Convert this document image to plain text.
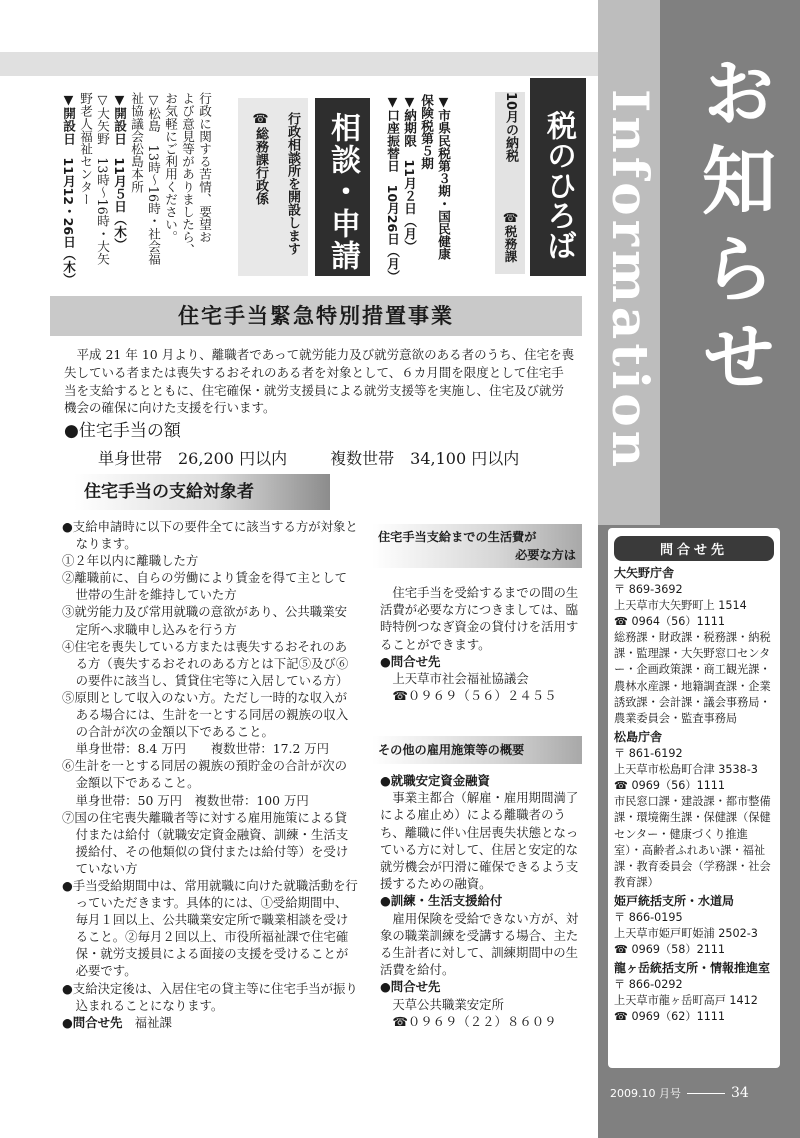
Information お知らせ
問合せ先
大矢野庁舎
〒 869-3692
上天草市大矢野町上 1514
☎ 0964（56）1111
総務課・財政課・税務課・納税課・監理課・大矢野窓口センター・企画政策課・商工観光課・農林水産課・地籍調査課・企業誘致課・会計課・議会事務局・農業委員会・監査事務局
松島庁舎
〒 861-6192
上天草市松島町合津 3538-3
☎ 0969（56）1111
市民窓口課・建設課・都市整備課・環境衛生課・保健課（保健センター・健康づくり推進室）・高齢者ふれあい課・福祉課・教育委員会（学務課・社会教育課）
姫戸統括支所・水道局
〒 866-0195
上天草市姫戸町姫浦 2502-3
☎ 0969（58）2111
龍ヶ岳統括支所・情報推進室
〒 866-0292
上天草市龍ヶ岳町高戸 1412
☎ 0969（62）1111
2009.10 月号	34
税のひろば
10月の納税
☎税務課
▼市県民税第３期・国民健康
保険税第５期
▼納期限　11月２日（月）
▼口座振替日　10月26日（月）
相談・申請
行政相談所を開設します
☎総務課行政係
行政に関する苦情、要望お
よび意見等がありましたら、
お気軽にご利用ください。
▽松島　13時～16時・社会福
祉協議会松島本所
▼開設日　11月５日（木）
▽大矢野　13時～16時・大矢
野老人福祉センター
▼開設日　11月12・26日（木）
住宅手当緊急特別措置事業
平成 21 年 10 月より、離職者であって就労能力及び就労意欲のある者のうち、住宅を喪失している者または喪失するおそれのある者を対象として、６カ月間を限度として住宅手当を支給するとともに、住宅確保・就労支援員による就労支援等を実施し、住宅及び就労機会の確保に向けた支援を行います。
●住宅手当の額
単身世帯　26,200 円以内	複数世帯　34,100 円以内
住宅手当の支給対象者
●支給申請時に以下の要件全てに該当する方が対象となります。
①２年以内に離職した方
②離職前に、自らの労働により賃金を得て主として世帯の生計を維持していた方
③就労能力及び常用就職の意欲があり、公共職業安定所へ求職申し込みを行う方
④住宅を喪失している方または喪失するおそれのある方（喪失するおそれのある方とは下記⑤及び⑥の要件に該当し、賃貸住宅等に入居している方）
⑤原則として収入のない方。ただし一時的な収入がある場合には、生計を一とする同居の親族の収入の合計が次の金額以下であること。
単身世帯：8.4 万円　　複数世帯：17.2 万円
⑥生計を一とする同居の親族の預貯金の合計が次の金額以下であること。
単身世帯：50 万円　複数世帯：100 万円
⑦国の住宅喪失離職者等に対する雇用施策による貸付または給付（就職安定資金融資、訓練・生活支援給付、その他類似の貸付または給付等）を受けていない方
●手当受給期間中は、常用就職に向けた就職活動を行っていただきます。具体的には、①受給期間中、毎月１回以上、公共職業安定所で職業相談を受けること。②毎月２回以上、市役所福祉課で住宅確保・就労支援員による面接の支援を受けることが必要です。
●支給決定後は、入居住宅の貸主等に住宅手当が振り込まれることになります。
●問合せ先　 福祉課
住宅手当支給までの生活費が
必要な方は
住宅手当を受給するまでの間の生活費が必要な方につきましては、臨時特例つなぎ資金の貸付けを活用することができます。
●問合せ先
上天草市社会福祉協議会
☎０９６９（５６）２４５５
その他の雇用施策等の概要
●就職安定資金融資
事業主都合（解雇・雇用期間満了による雇止め）による離職者のうち、離職に伴い住居喪失状態となっている方に対して、住居と安定的な就労機会が円滑に確保できるよう支援するための融資。
●訓練・生活支援給付
雇用保険を受給できない方が、対象の職業訓練を受講する場合、主たる生計者に対して、訓練期間中の生活費を給付。
●問合せ先
天草公共職業安定所
☎０９６９（２２）８６０９
